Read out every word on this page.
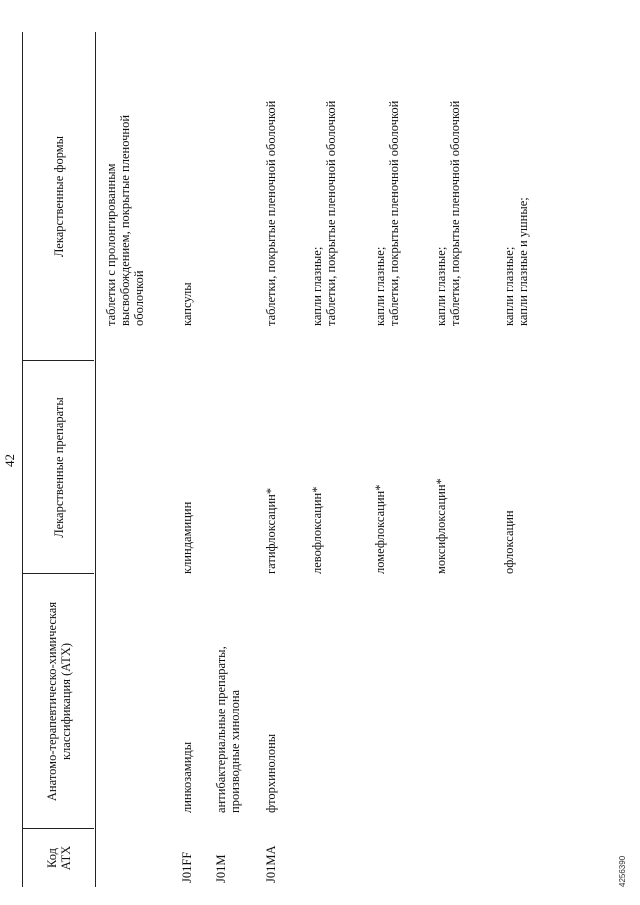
42
Код АТХ
Анатомо-терапевтическо-химическая классификация (АТХ)
Лекарственные препараты
Лекарственные формы	таблетки с пролонгированным высвобождением, покрытые пленочной оболочкой
J01FF
линкозамиды
клиндамицин
капсулы
J01M
антибактериальные препараты, производные хинолона
J01MA
фторхинолоны
гатифлоксацин*
таблетки, покрытые пленочной оболочкой
левофлоксацин*
капли глазные;
таблетки, покрытые пленочной оболочкой
ломефлоксацин*
капли глазные;
таблетки, покрытые пленочной оболочкой
моксифлоксацин*
капли глазные;
таблетки, покрытые пленочной оболочкой
офлоксацин
капли глазные;
капли глазные и ушные;
4256390
